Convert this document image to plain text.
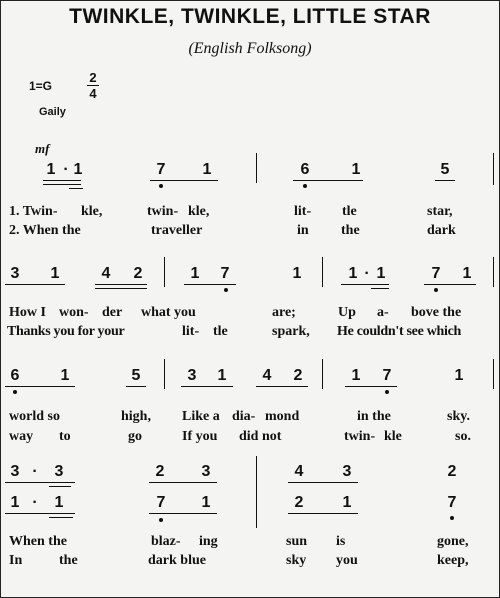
TWINKLE, TWINKLE, LITTLE STAR
(English Folksong)
1=G
2
4
Gaily
mf
1 · 1	7 1	6	1	5
1. Twin- kle,	twin- kle,	lit- tle	star,
2. When the	traveller	in the	dark
3 1	4 2	1 7	1	1 · 1	7 1
How I won- der what you	are;	Up a- bove the
Thanks you for your	lit- tle	spark, He couldn't see which
6	1	5	3 1 4 2	1 7	1
world so	high, Like a dia- mond	in the	sky.
way to	go	If you did not	twin- kle	so.
3 ·	3	2 3	4 3	2
1 ·	1	7 1	2 1	7
When the	blaz- ing	sun is	gone,
In	the	dark blue	sky you	keep,
